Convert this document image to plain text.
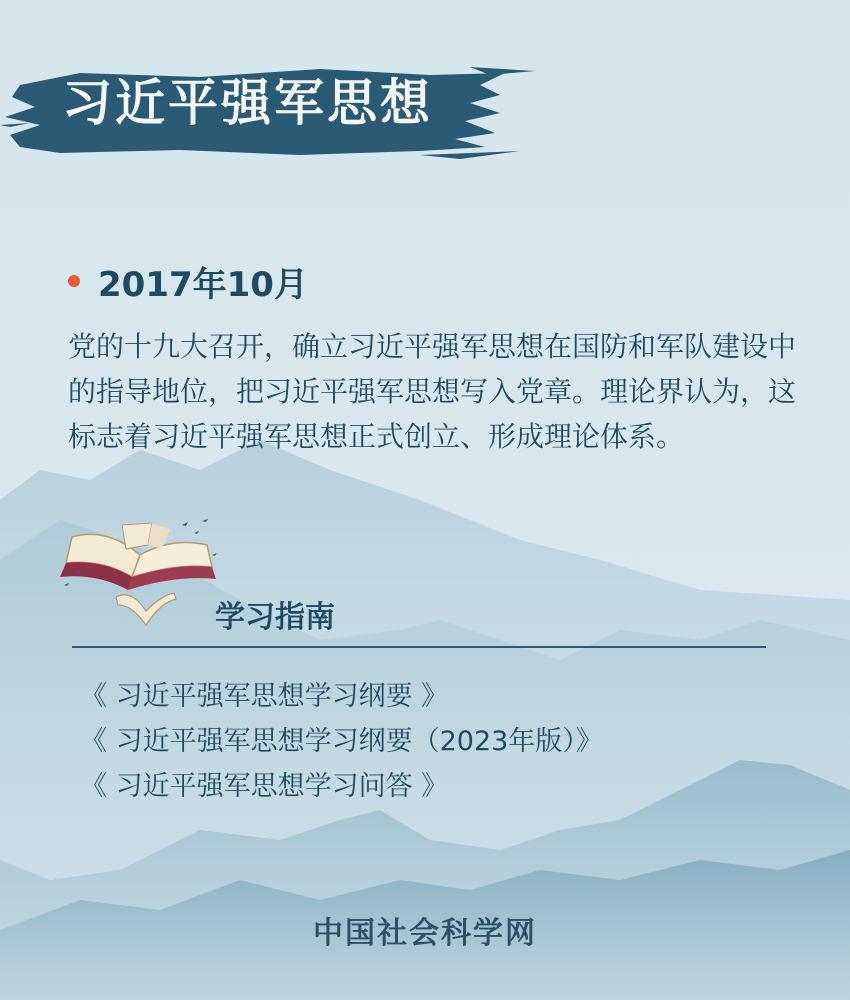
习近平强军思想
2017年10月
党的十九大召开，确立习近平强军思想在国防和军队建设中的指导地位，把习近平强军思想写入党章。理论界认为，这标志着习近平强军思想正式创立、形成理论体系。
学习指南
《 习近平强军思想学习纲要 》
《 习近平强军思想学习纲要（2023年版）》
《 习近平强军思想学习问答 》
中国社会科学网
